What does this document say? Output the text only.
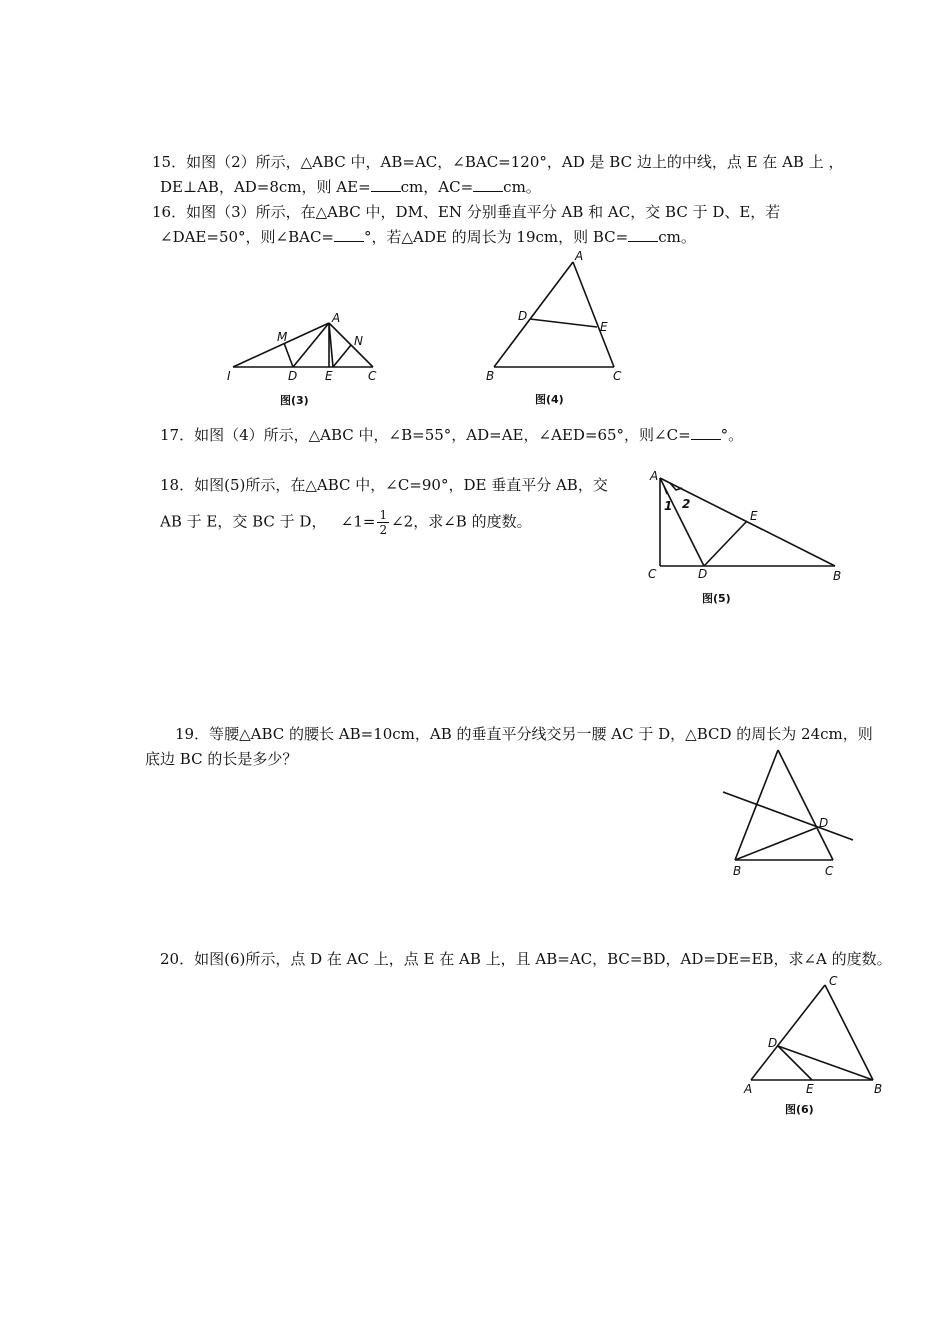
15．如图（2）所示，△ABC 中，AB=AC，∠BAC=120°，AD 是 BC 边上的中线，点 E 在 AB 上 ，
DE⊥AB，AD=8cm，则 AE= cm，AC= cm。
16．如图（3）所示，在△ABC 中，DM、EN 分别垂直平分 AB 和 AC，交 BC 于 D、E，若
∠DAE=50°，则∠BAC= °，若△ADE 的周长为 19cm，则 BC= cm。
I
M
A
N
D E	C
图(3)
A
D
E
B	C
图(4)
17．如图（4）所示，△ABC 中，∠B=55°，AD=AE，∠AED=65°，则∠C= °。
18．如图(5)所示，在△ABC 中，∠C=90°，DE 垂直平分 AB，交
AB 于 E，交 BC 于 D， ∠1= $\frac{1}{2}$ ∠2，求∠B 的度数。
A
1 2
E
C	D	B
图(5)
19．等腰△ABC 的腰长 AB=10cm，AB 的垂直平分线交另一腰 AC 于 D，△BCD 的周长为 24cm，则
底边 BC 的长是多少？
D
B	C
20．如图(6)所示，点 D 在 AC 上，点 E 在 AB 上，且 AB=AC，BC=BD，AD=DE=EB，求∠A 的度数。
C
D
A	E	B
图(6)
